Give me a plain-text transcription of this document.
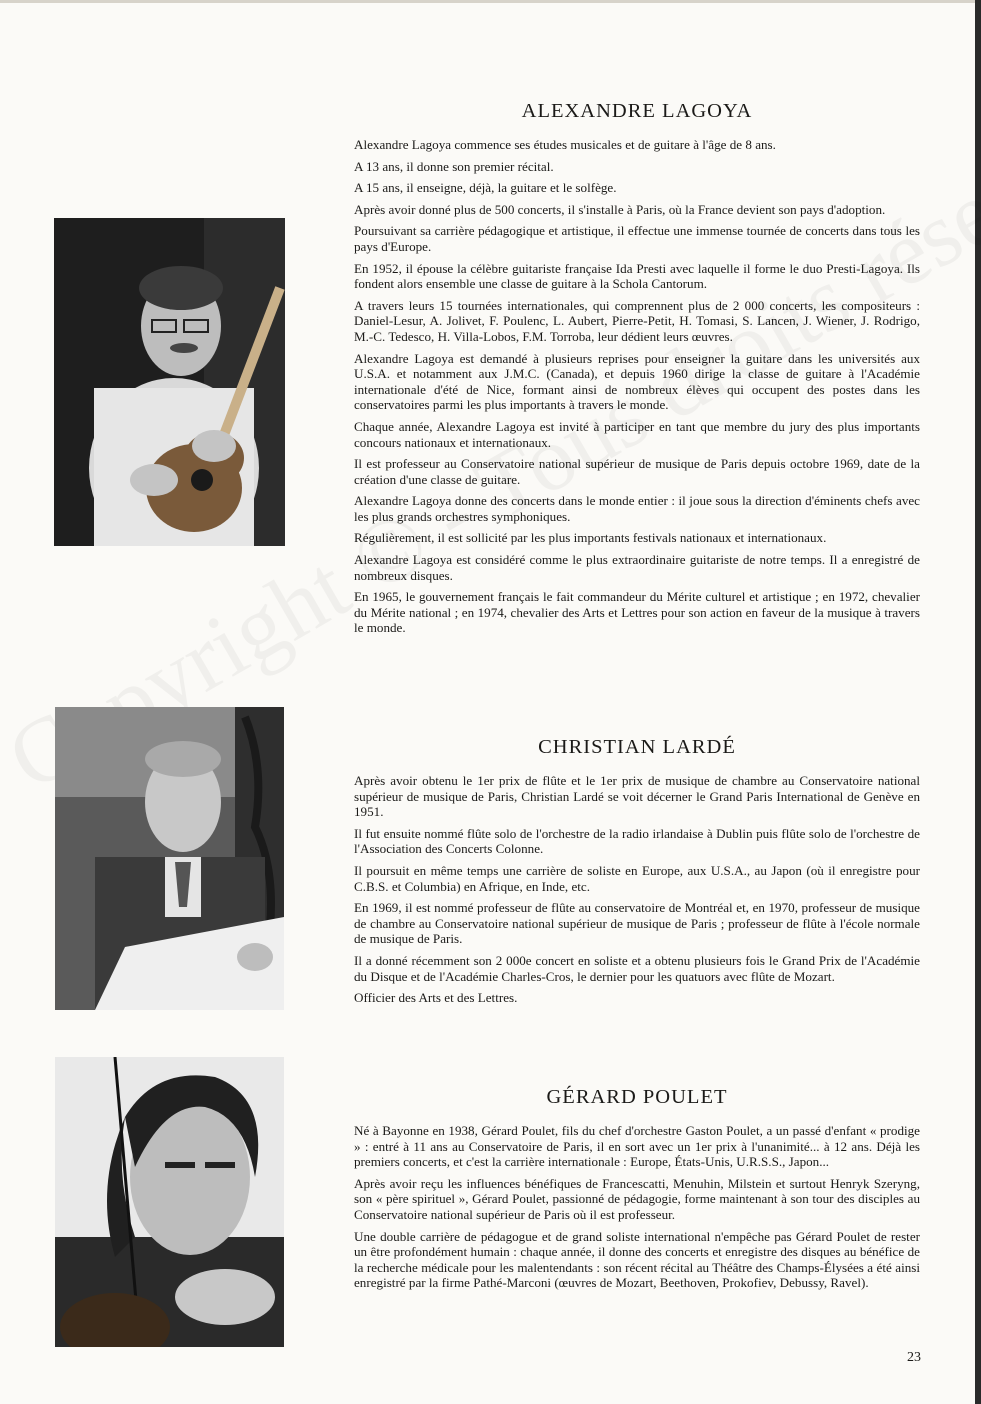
ALEXANDRE LAGOYA

Alexandre Lagoya commence ses études musicales et de guitare à l'âge de 8 ans.

A 13 ans, il donne son premier récital.

A 15 ans, il enseigne, déjà, la guitare et le solfège.

Après avoir donné plus de 500 concerts, il s'installe à Paris, où la France devient son pays d'adoption.

Poursuivant sa carrière pédagogique et artistique, il effectue une immense tournée de concerts dans tous les pays d'Europe.

En 1952, il épouse la célèbre guitariste française Ida Presti avec laquelle il forme le duo Presti-Lagoya. Ils fondent alors ensemble une classe de guitare à la Schola Cantorum.

A travers leurs 15 tournées internationales, qui comprennent plus de 2 000 concerts, les compositeurs : Daniel-Lesur, A. Jolivet, F. Poulenc, L. Aubert, Pierre-Petit, H. Tomasi, S. Lancen, J. Wiener, J. Rodrigo, M.-C. Tedesco, H. Villa-Lobos, F.M. Torroba, leur dédient leurs œuvres.

Alexandre Lagoya est demandé à plusieurs reprises pour enseigner la guitare dans les universités aux U.S.A. et notamment aux J.M.C. (Canada), et depuis 1960 dirige la classe de guitare à l'Académie internationale d'été de Nice, formant ainsi de nombreux élèves qui occupent des postes dans les conservatoires parmi les plus importants à travers le monde.

Chaque année, Alexandre Lagoya est invité à participer en tant que membre du jury des plus importants concours nationaux et internationaux.

Il est professeur au Conservatoire national supérieur de musique de Paris depuis octobre 1969, date de la création d'une classe de guitare.

Alexandre Lagoya donne des concerts dans le monde entier : il joue sous la direction d'éminents chefs avec les plus grands orchestres symphoniques.

Régulièrement, il est sollicité par les plus importants festivals nationaux et internationaux.

Alexandre Lagoya est considéré comme le plus extraordinaire guitariste de notre temps. Il a enregistré de nombreux disques.

En 1965, le gouvernement français le fait commandeur du Mérite culturel et artistique ; en 1972, chevalier du Mérite national ; en 1974, chevalier des Arts et Lettres pour son action en faveur de la musique à travers le monde.

CHRISTIAN LARDÉ

Après avoir obtenu le 1er prix de flûte et le 1er prix de musique de chambre au Conservatoire national supérieur de musique de Paris, Christian Lardé se voit décerner le Grand Paris International de Genève en 1951.

Il fut ensuite nommé flûte solo de l'orchestre de la radio irlandaise à Dublin puis flûte solo de l'orchestre de l'Association des Concerts Colonne.

Il poursuit en même temps une carrière de soliste en Europe, aux U.S.A., au Japon (où il enregistre pour C.B.S. et Columbia) en Afrique, en Inde, etc.

En 1969, il est nommé professeur de flûte au conservatoire de Montréal et, en 1970, professeur de musique de chambre au Conservatoire national supérieur de musique de Paris ; professeur de flûte à l'école normale de musique de Paris.

Il a donné récemment son 2 000e concert en soliste et a obtenu plusieurs fois le Grand Prix de l'Académie du Disque et de l'Académie Charles-Cros, le dernier pour les quatuors avec flûte de Mozart.

Officier des Arts et des Lettres.

GÉRARD POULET

Né à Bayonne en 1938, Gérard Poulet, fils du chef d'orchestre Gaston Poulet, a un passé d'enfant « prodige » : entré à 11 ans au Conservatoire de Paris, il en sort avec un 1er prix à l'unanimité... à 12 ans. Déjà les premiers concerts, et c'est la carrière internationale : Europe, États-Unis, U.R.S.S., Japon...

Après avoir reçu les influences bénéfiques de Francescatti, Menuhin, Milstein et surtout Henryk Szeryng, son « père spirituel », Gérard Poulet, passionné de pédagogie, forme maintenant à son tour des disciples au Conservatoire national supérieur de Paris où il est professeur.

Une double carrière de pédagogue et de grand soliste international n'empêche pas Gérard Poulet de rester un être profondément humain : chaque année, il donne des concerts et enregistre des disques au bénéfice de la recherche médicale pour les malentendants : son récent récital au Théâtre des Champs-Élysées a été ainsi enregistré par la firme Pathé-Marconi (œuvres de Mozart, Beethoven, Prokofiev, Debussy, Ravel).

23
